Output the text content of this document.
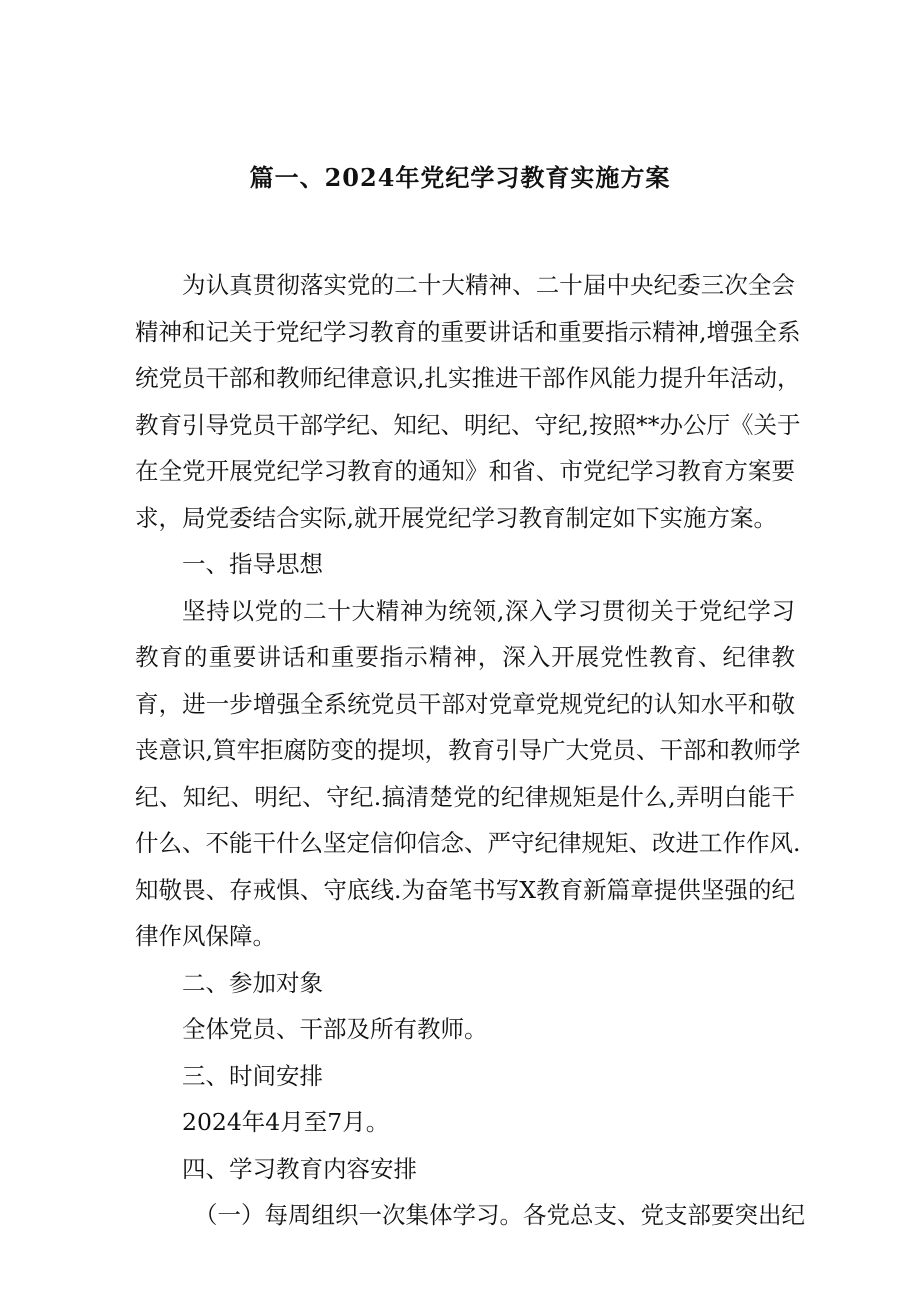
篇一、2024年党纪学习教育实施方案
为认真贯彻落实党的二十大精神、二十届中央纪委三次全会
精神和记关于党纪学习教育的重要讲话和重要指示精神,增强全系
统党员干部和教师纪律意识,扎实推进干部作风能力提升年活动，
教育引导党员干部学纪、知纪、明纪、守纪,按照**办公厅《关于
在全党开展党纪学习教育的通知》和省、市党纪学习教育方案要
求，局党委结合实际,就开展党纪学习教育制定如下实施方案。
一、指导思想
坚持以党的二十大精神为统领,深入学习贯彻关于党纪学习
教育的重要讲话和重要指示精神，深入开展党性教育、纪律教
育，进一步增强全系统党员干部对党章党规党纪的认知水平和敬
丧意识,筫牢拒腐防变的提坝，教育引导广大党员、干部和教师学
纪、知纪、明纪、守纪.搞清楚党的纪律规矩是什么,弄明白能干
什么、不能干什么坚定信仰信念、严守纪律规矩、改进工作作风.
知敬畏、存戒惧、守底线.为奋笔书写X教育新篇章提供坚强的纪
律作风保障。
二、参加对象
全体党员、干部及所有教师。
三、时间安排
2024年4月至7月。
四、学习教育内容安排
（一）每周组织一次集体学习。各党总支、党支部要突出纪
